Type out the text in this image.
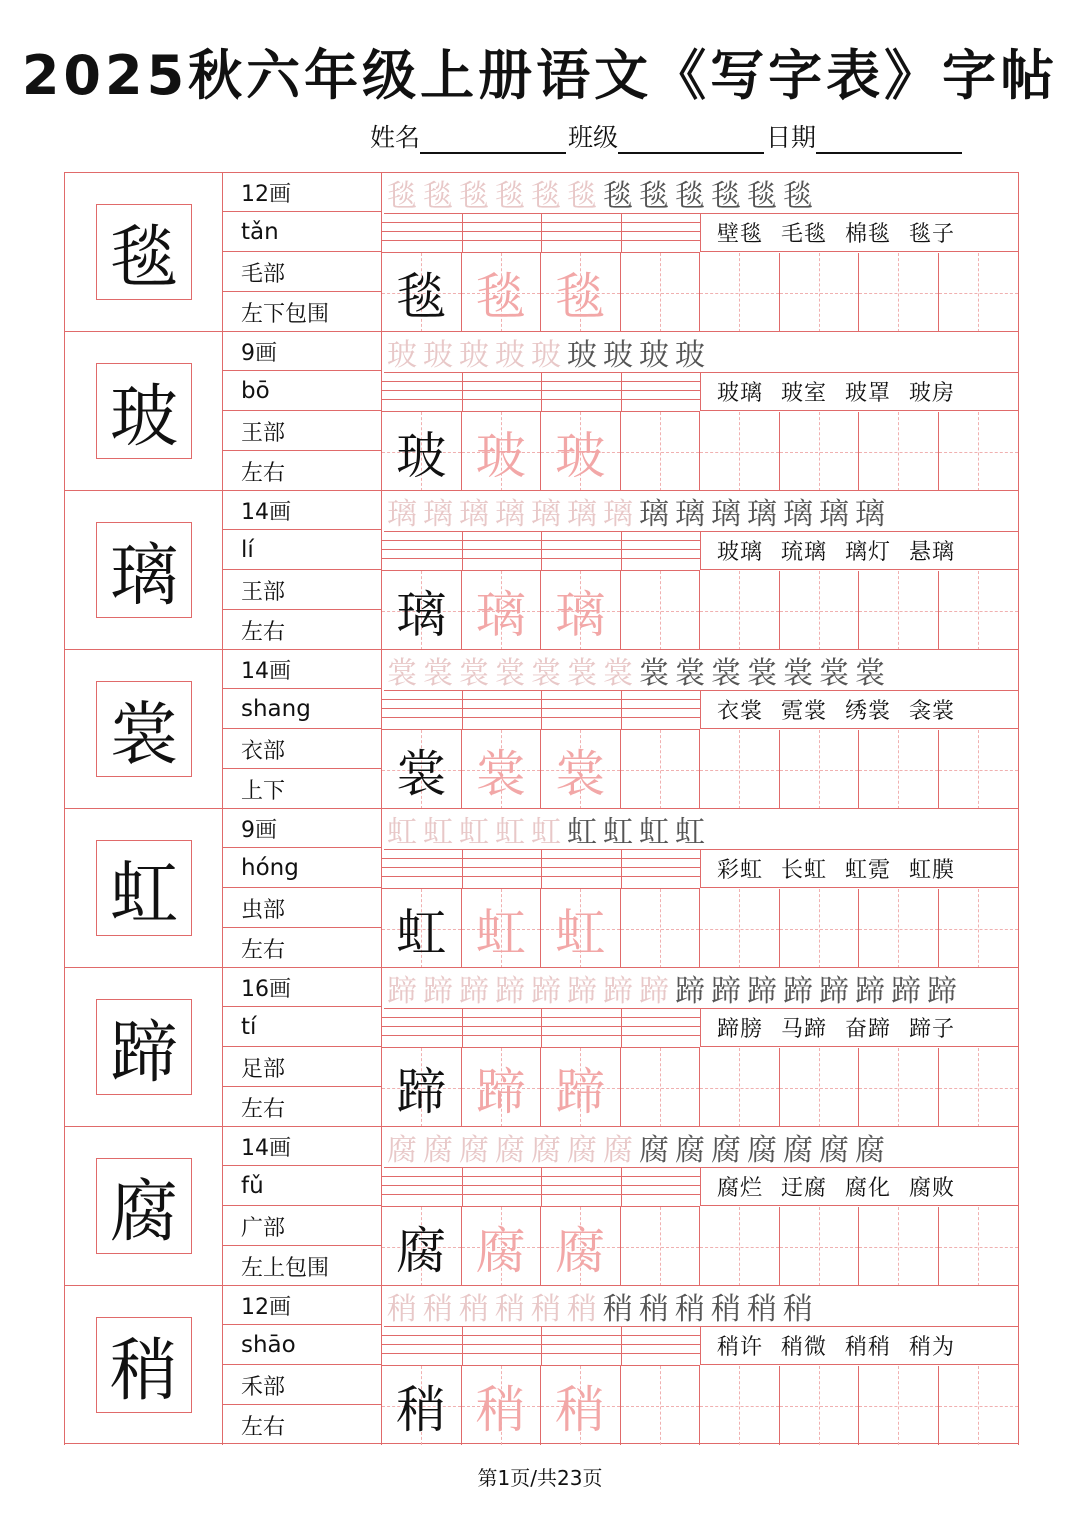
2025秋六年级上册语文《写字表》字帖
姓名	班级	日期
毯
12画
tǎn
毛部
左下包围
毯 毯 毯 毯 毯 毯 毯 毯 毯 毯 毯 毯
壁毯 毛毯 棉毯 毯子
毯 毯 毯
玻
9画
bō
王部
左右
玻 玻 玻 玻 玻 玻 玻 玻 玻
玻璃 玻室 玻罩 玻房
玻 玻 玻
璃
14画
lí
王部
左右
璃 璃 璃 璃 璃 璃 璃 璃 璃 璃 璃 璃 璃 璃
玻璃 琉璃 璃灯 悬璃
璃 璃 璃
裳
14画
shang
衣部
上下
裳 裳 裳 裳 裳 裳 裳 裳 裳 裳 裳 裳 裳 裳
衣裳 霓裳 绣裳 衾裳
裳 裳 裳
虹
9画
hóng
虫部
左右
虹 虹 虹 虹 虹 虹 虹 虹 虹
彩虹 长虹 虹霓 虹膜
虹 虹 虹
蹄
16画
tí
足部
左右
蹄 蹄 蹄 蹄 蹄 蹄 蹄 蹄 蹄 蹄 蹄 蹄 蹄 蹄 蹄 蹄
蹄膀 马蹄 奋蹄 蹄子
蹄 蹄 蹄
腐
14画
fǔ
广部
左上包围
腐 腐 腐 腐 腐 腐 腐 腐 腐 腐 腐 腐 腐 腐
腐烂 迂腐 腐化 腐败
腐 腐 腐
稍
12画
shāo
禾部
左右
稍 稍 稍 稍 稍 稍 稍 稍 稍 稍 稍 稍
稍许 稍微 稍稍 稍为
稍 稍 稍
第1页/共23页
